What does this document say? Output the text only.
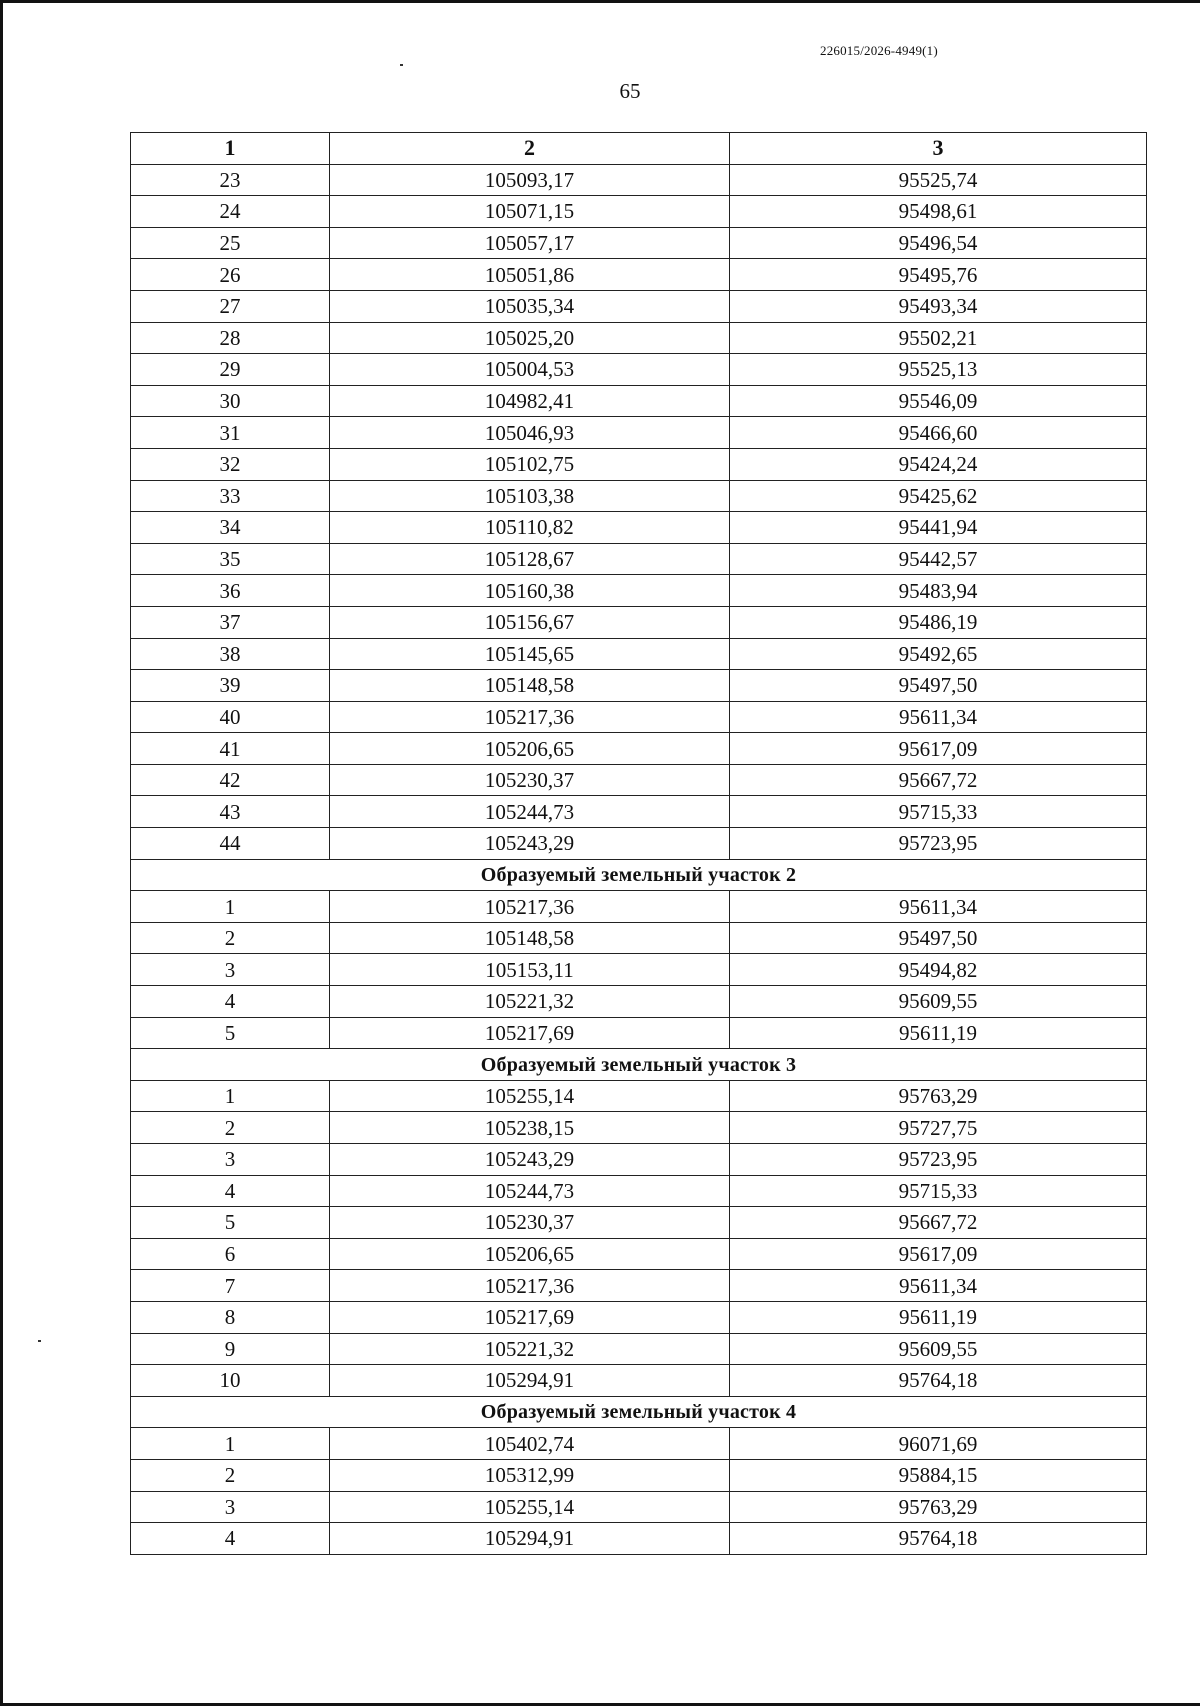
226015/2026-4949(1)
65
1	2	3
23	105093,17	95525,74
24	105071,15	95498,61
25	105057,17	95496,54
26	105051,86	95495,76
27	105035,34	95493,34
28	105025,20	95502,21
29	105004,53	95525,13
30	104982,41	95546,09
31	105046,93	95466,60
32	105102,75	95424,24
33	105103,38	95425,62
34	105110,82	95441,94
35	105128,67	95442,57
36	105160,38	95483,94
37	105156,67	95486,19
38	105145,65	95492,65
39	105148,58	95497,50
40	105217,36	95611,34
41	105206,65	95617,09
42	105230,37	95667,72
43	105244,73	95715,33
44	105243,29	95723,95
Образуемый земельный участок 2		
1	105217,36	95611,34
2	105148,58	95497,50
3	105153,11	95494,82
4	105221,32	95609,55
5	105217,69	95611,19
Образуемый земельный участок 3		
1	105255,14	95763,29
2	105238,15	95727,75
3	105243,29	95723,95
4	105244,73	95715,33
5	105230,37	95667,72
6	105206,65	95617,09
7	105217,36	95611,34
8	105217,69	95611,19
9	105221,32	95609,55
10	105294,91	95764,18
Образуемый земельный участок 4		
1	105402,74	96071,69
2	105312,99	95884,15
3	105255,14	95763,29
4	105294,91	95764,18
